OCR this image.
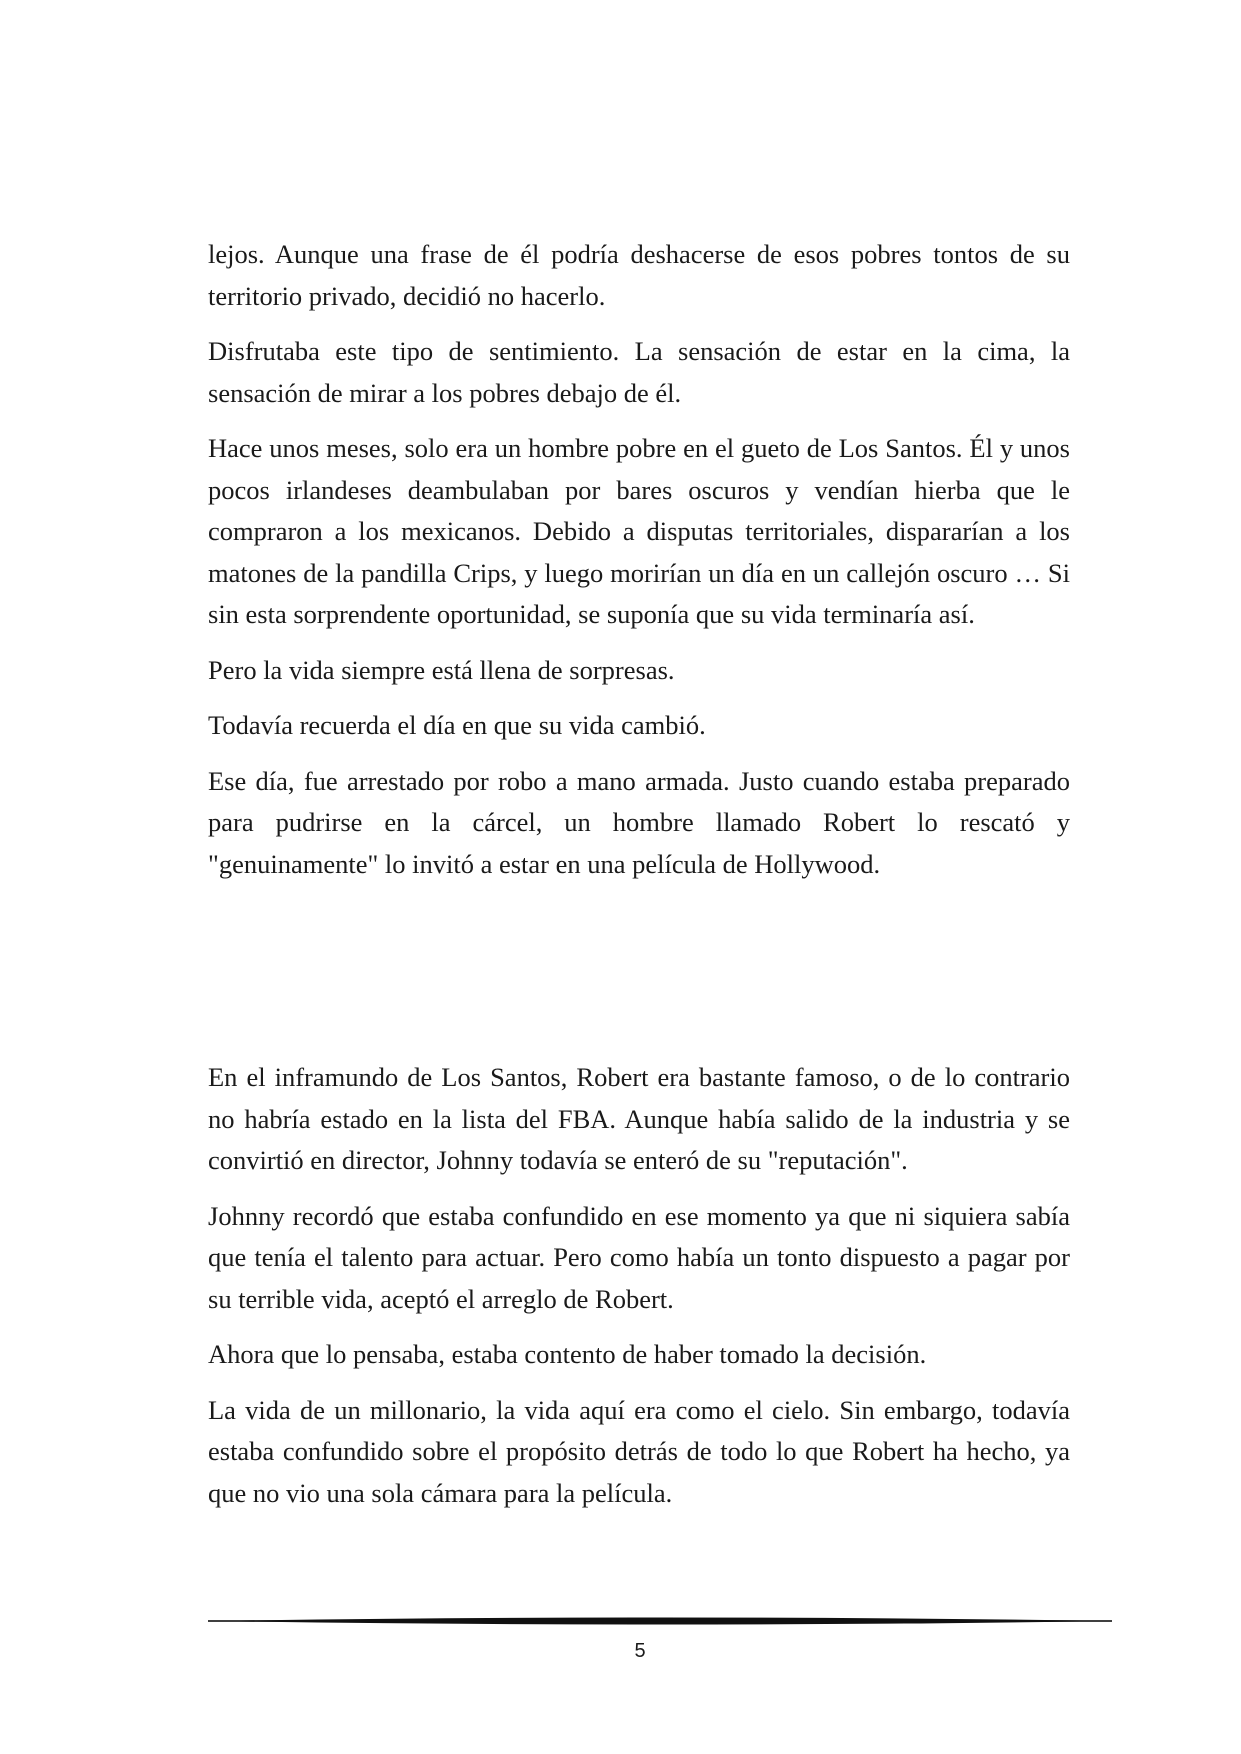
lejos. Aunque una frase de él podría deshacerse de esos pobres tontos de su territorio privado, decidió no hacerlo.

Disfrutaba este tipo de sentimiento. La sensación de estar en la cima, la sensación de mirar a los pobres debajo de él.

Hace unos meses, solo era un hombre pobre en el gueto de Los Santos. Él y unos pocos irlandeses deambulaban por bares oscuros y vendían hierba que le compraron a los mexicanos. Debido a disputas territoriales, dispararían a los matones de la pandilla Crips, y luego morirían un día en un callejón oscuro … Si sin esta sorprendente oportunidad, se suponía que su vida terminaría así.

Pero la vida siempre está llena de sorpresas.

Todavía recuerda el día en que su vida cambió.

Ese día, fue arrestado por robo a mano armada. Justo cuando estaba preparado para pudrirse en la cárcel, un hombre llamado Robert lo rescató y "genuinamente" lo invitó a estar en una película de Hollywood.

En el inframundo de Los Santos, Robert era bastante famoso, o de lo contrario no habría estado en la lista del FBA. Aunque había salido de la industria y se convirtió en director, Johnny todavía se enteró de su "reputación".

Johnny recordó que estaba confundido en ese momento ya que ni siquiera sabía que tenía el talento para actuar. Pero como había un tonto dispuesto a pagar por su terrible vida, aceptó el arreglo de Robert.

Ahora que lo pensaba, estaba contento de haber tomado la decisión.

La vida de un millonario, la vida aquí era como el cielo. Sin embargo, todavía estaba confundido sobre el propósito detrás de todo lo que Robert ha hecho, ya que no vio una sola cámara para la película.

5
